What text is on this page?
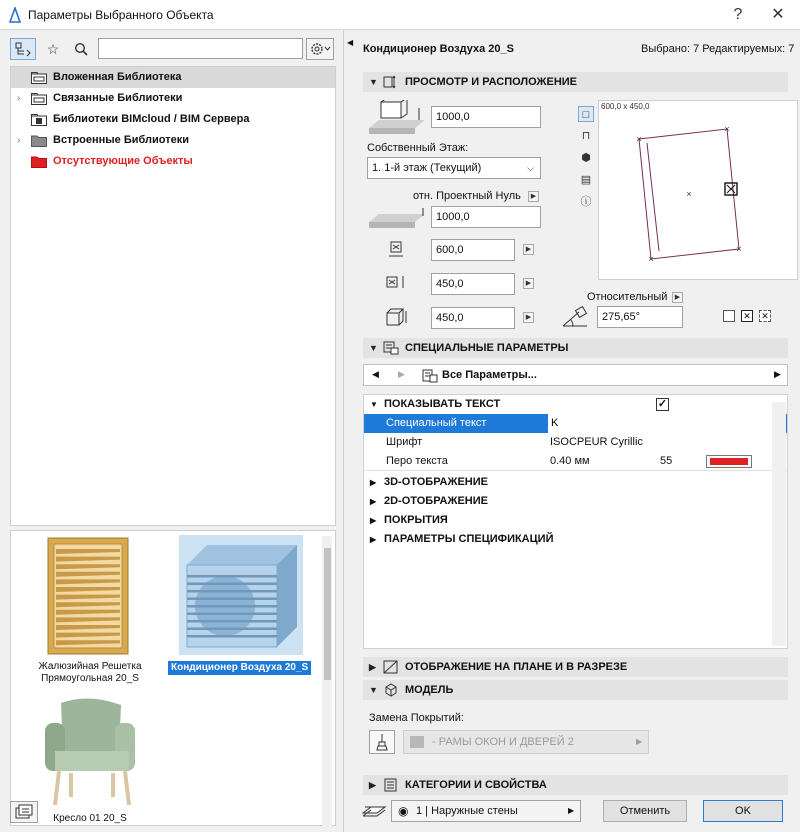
Параметры Выбранного Объекта	?	✕
☆
Вложенная Библиотека
›	Связанные Библиотеки
Библиотеки BIMcloud / BIM Сервера
›	Встроенные Библиотеки
Отсутствующие Объекты
Жалюзийная Решетка
Прямоугольная 20_S
Кондиционер Воздуха 20_S
Кресло 01 20_S
◀
Кондиционер Воздуха 20_S	Выбрано: 7 Редактируемых: 7
▼ ПРОСМОТР И РАСПОЛОЖЕНИЕ
1000,0
Собственный Этаж:
1. 1-й этаж (Текущий)	⌵
отн. Проектный Нуль	▶
1000,0
600,0	▶
450,0	▶
450,0	▶
□
⊓
⬢
▤
ⓘ
600,0 x 450,0
×
×
×
×
×
Относительный	▶
275,65°	✕ ✕
▼ СПЕЦИАЛЬНЫЕ ПАРАМЕТРЫ
◀ ▶	Все Параметры...	▶
▼ ПОКАЗЫВАТЬ ТЕКСТ	✓
Специальный текст	K
Шрифт	ISOCPEUR Cyrillic
Перо текста	0.40 мм	55
▶ 3D-ОТОБРАЖЕНИЕ
▶ 2D-ОТОБРАЖЕНИЕ
▶ ПОКРЫТИЯ
▶ ПАРАМЕТРЫ СПЕЦИФИКАЦИЙ
▶	ОТОБРАЖЕНИЕ НА ПЛАНЕ И В РАЗРЕЗЕ
▼ МОДЕЛЬ
Замена Покрытий:
- РАМЫ ОКОН И ДВЕРЕЙ 2	▶
▶	КАТЕГОРИИ И СВОЙСТВА
◉ 1 | Наружные стены	▶	Отменить	OK
